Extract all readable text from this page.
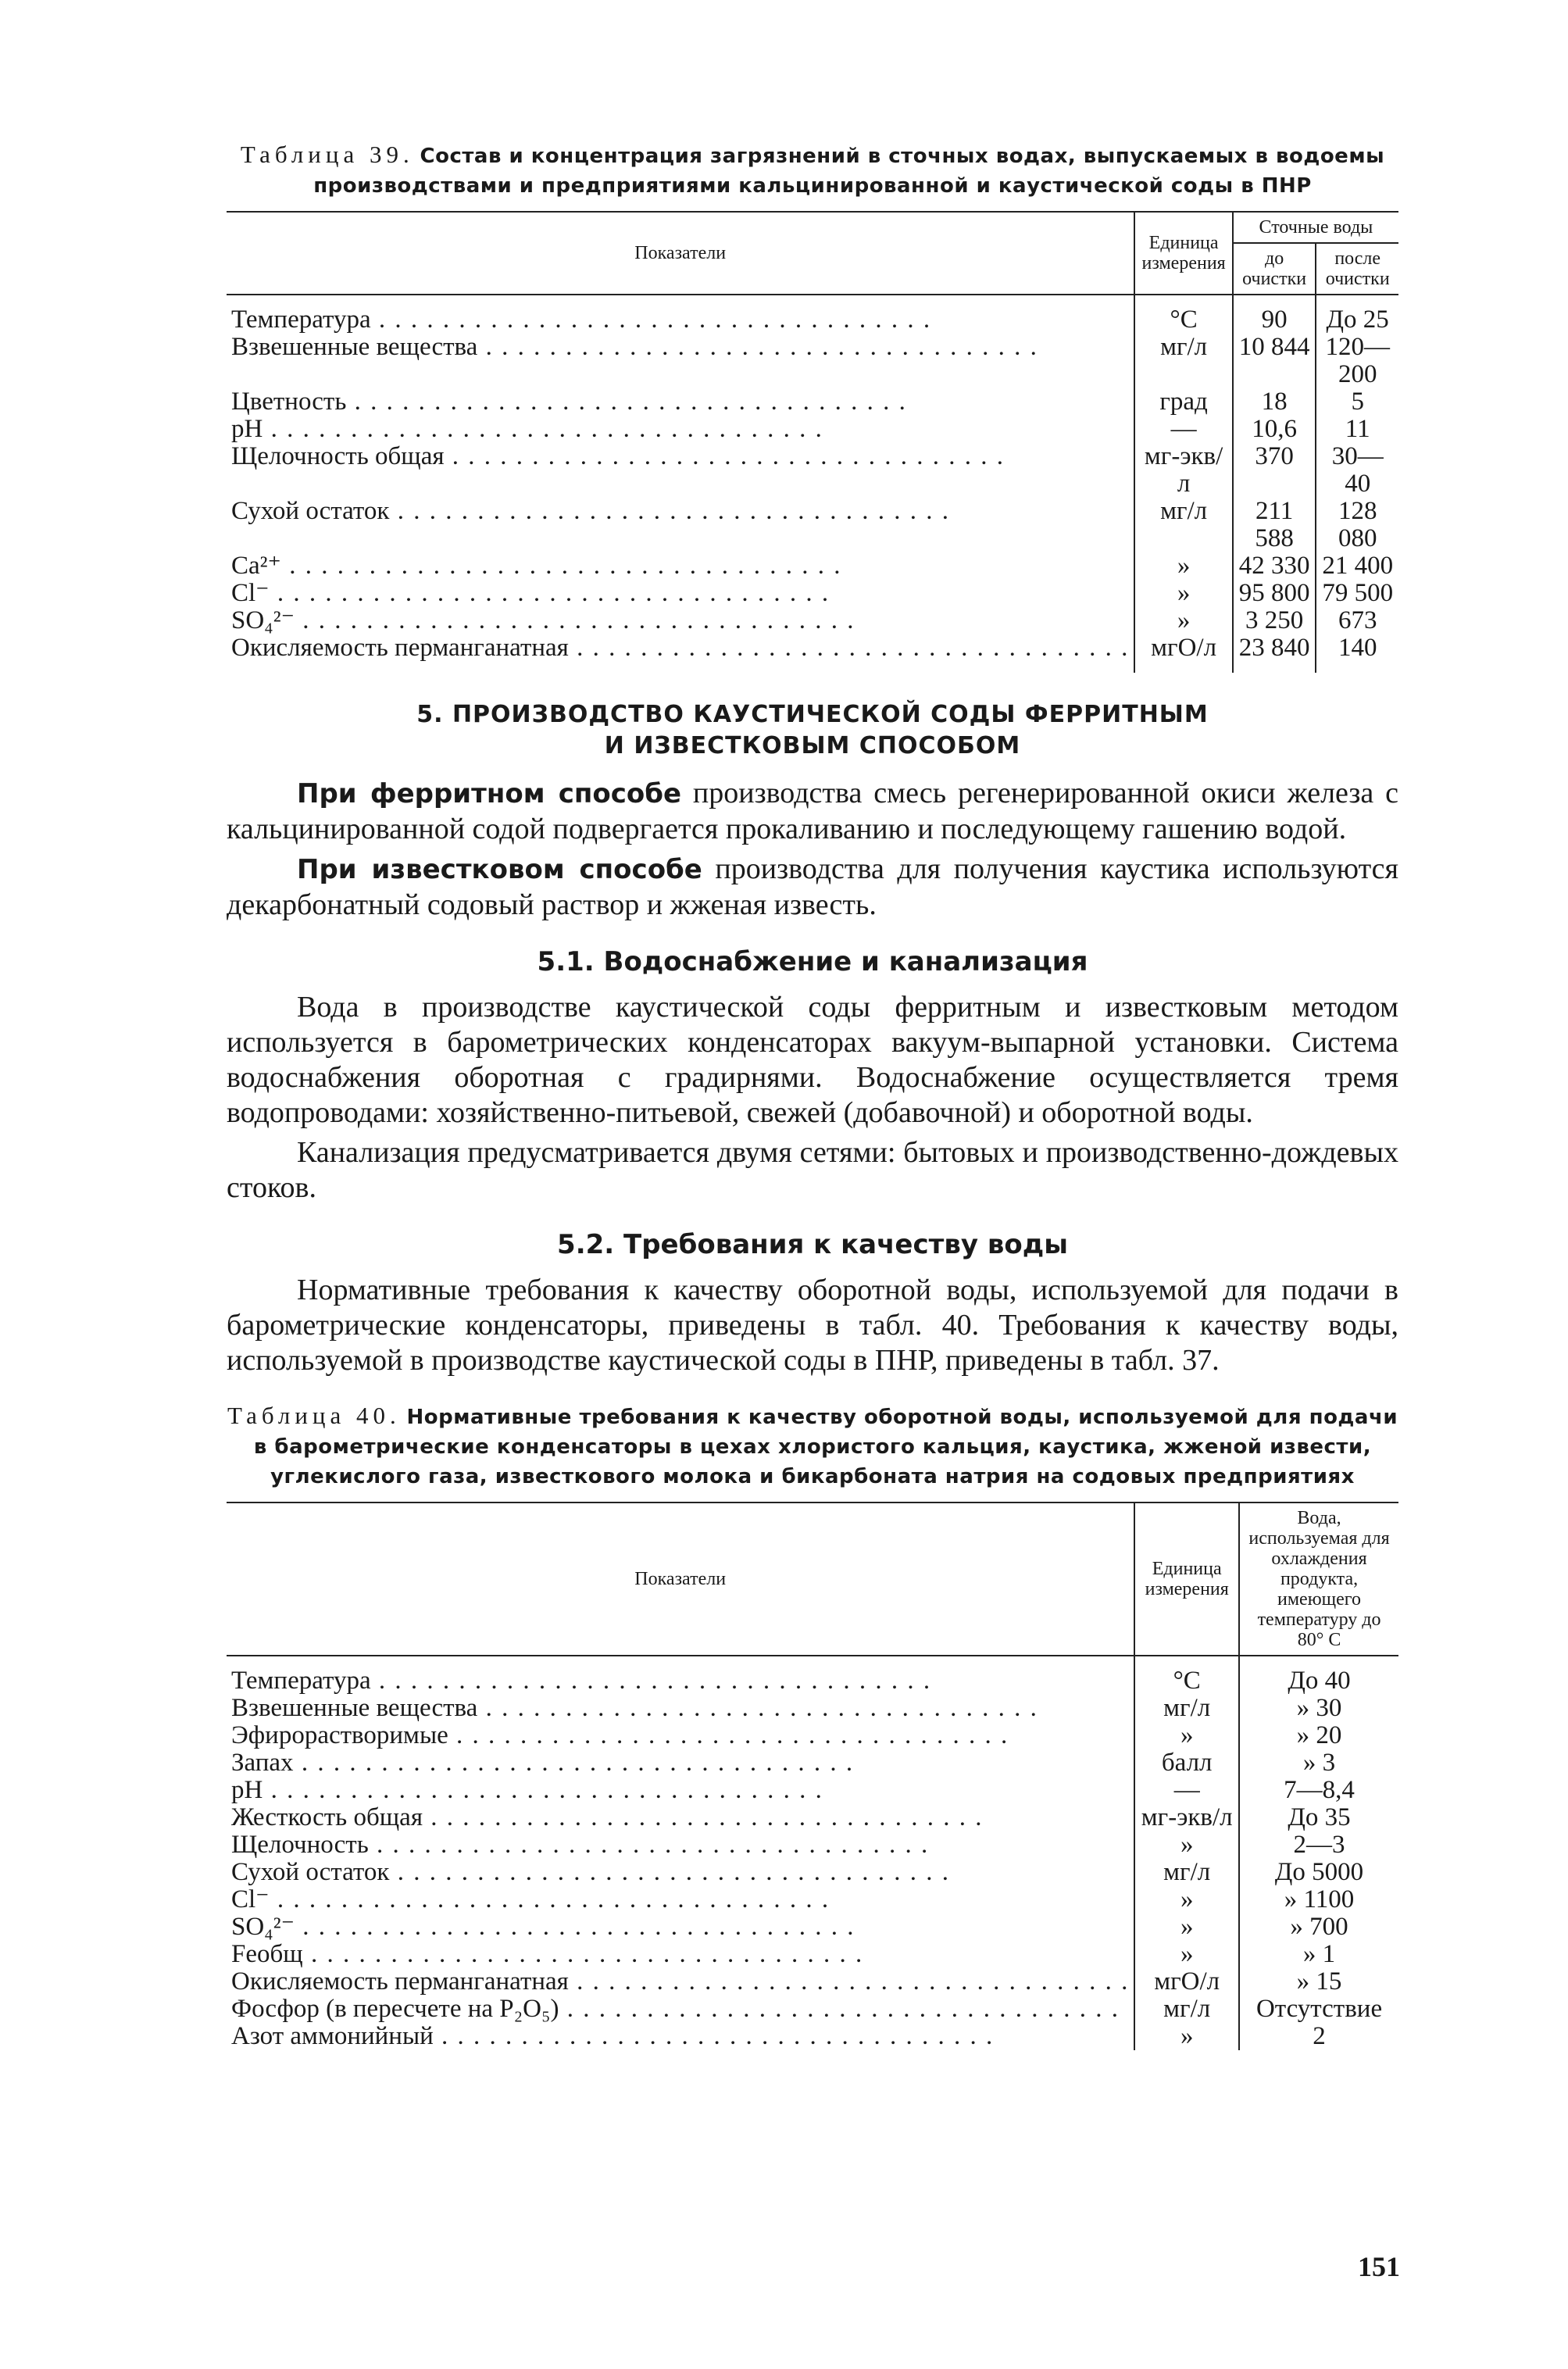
Таблица 39. Состав и концентрация загрязнений в сточных водах, выпускаемых в водоемы производствами и предприятиями кальцинированной и каустической соды в ПНР
Показатели	Единица измерения	Сточные воды	
		до очистки	после очистки
Температура . . .	°C	90	До 25
Взвешенные вещества . . .	мг/л	10 844	120—200
Цветность . . .	град	18	5
pH . . .	—	10,6	11
Щелочность общая . . .	мг-экв/л	370	30—40
Сухой остаток . . .	мг/л	211 588	128 080
Ca²⁺ . . .	»	42 330	21 400
Cl⁻ . . .	»	95 800	79 500
SO₄²⁻ . . .	»	3 250	673
Окисляемость перманганатная . . .	мгО/л	23 840	140
5. ПРОИЗВОДСТВО КАУСТИЧЕСКОЙ СОДЫ ФЕРРИТНЫМ
И ИЗВЕСТКОВЫМ СПОСОБОМ

При ферритном способе производства смесь регенерированной окиси железа с кальцинированной содой подвергается прокаливанию и последующему гашению водой.

При известковом способе производства для получения каустика используются декарбонатный содовый раствор и жженая известь.

5.1. Водоснабжение и канализация

Вода в производстве каустической соды ферритным и известковым методом используется в барометрических конденсаторах вакуум-выпарной установки. Система водоснабжения оборотная с градирнями. Водоснабжение осуществляется тремя водопроводами: хозяйственно-питьевой, свежей (добавочной) и оборотной воды.

Канализация предусматривается двумя сетями: бытовых и производственно-дождевых стоков.

5.2. Требования к качеству воды

Нормативные требования к качеству оборотной воды, используемой для подачи в барометрические конденсаторы, приведены в табл. 40. Требования к качеству воды, используемой в производстве каустической соды в ПНР, приведены в табл. 37.

Таблица 40. Нормативные требования к качеству оборотной воды, используемой для подачи в барометрические конденсаторы в цехах хлористого кальция, каустика, жженой извести, углекислого газа, известкового молока и бикарбоната натрия на содовых предприятиях
Показатели	Единица измерения	Вода, используемая для охлаждения продукта, имеющего температуру до 80° С
Температура . . .	°C	До 40
Взвешенные вещества . . .	мг/л	» 30
Эфирорастворимые . . .	»	» 20
Запах . . .	балл	» 3
pH . . .	—	7—8,4
Жесткость общая . . .	мг-экв/л	До 35
Щелочность . . .	»	2—3
Сухой остаток . . .	мг/л	До 5000
Cl⁻ . . .	»	» 1100
SO₄²⁻ . . .	»	» 700
Feобщ . . .	»	» 1
Окисляемость перманганатная . . .	мгО/л	» 15
Фосфор (в пересчете на P₂O₅) . . .	мг/л	Отсутствие
Азот аммонийный . . .	»	2
151
